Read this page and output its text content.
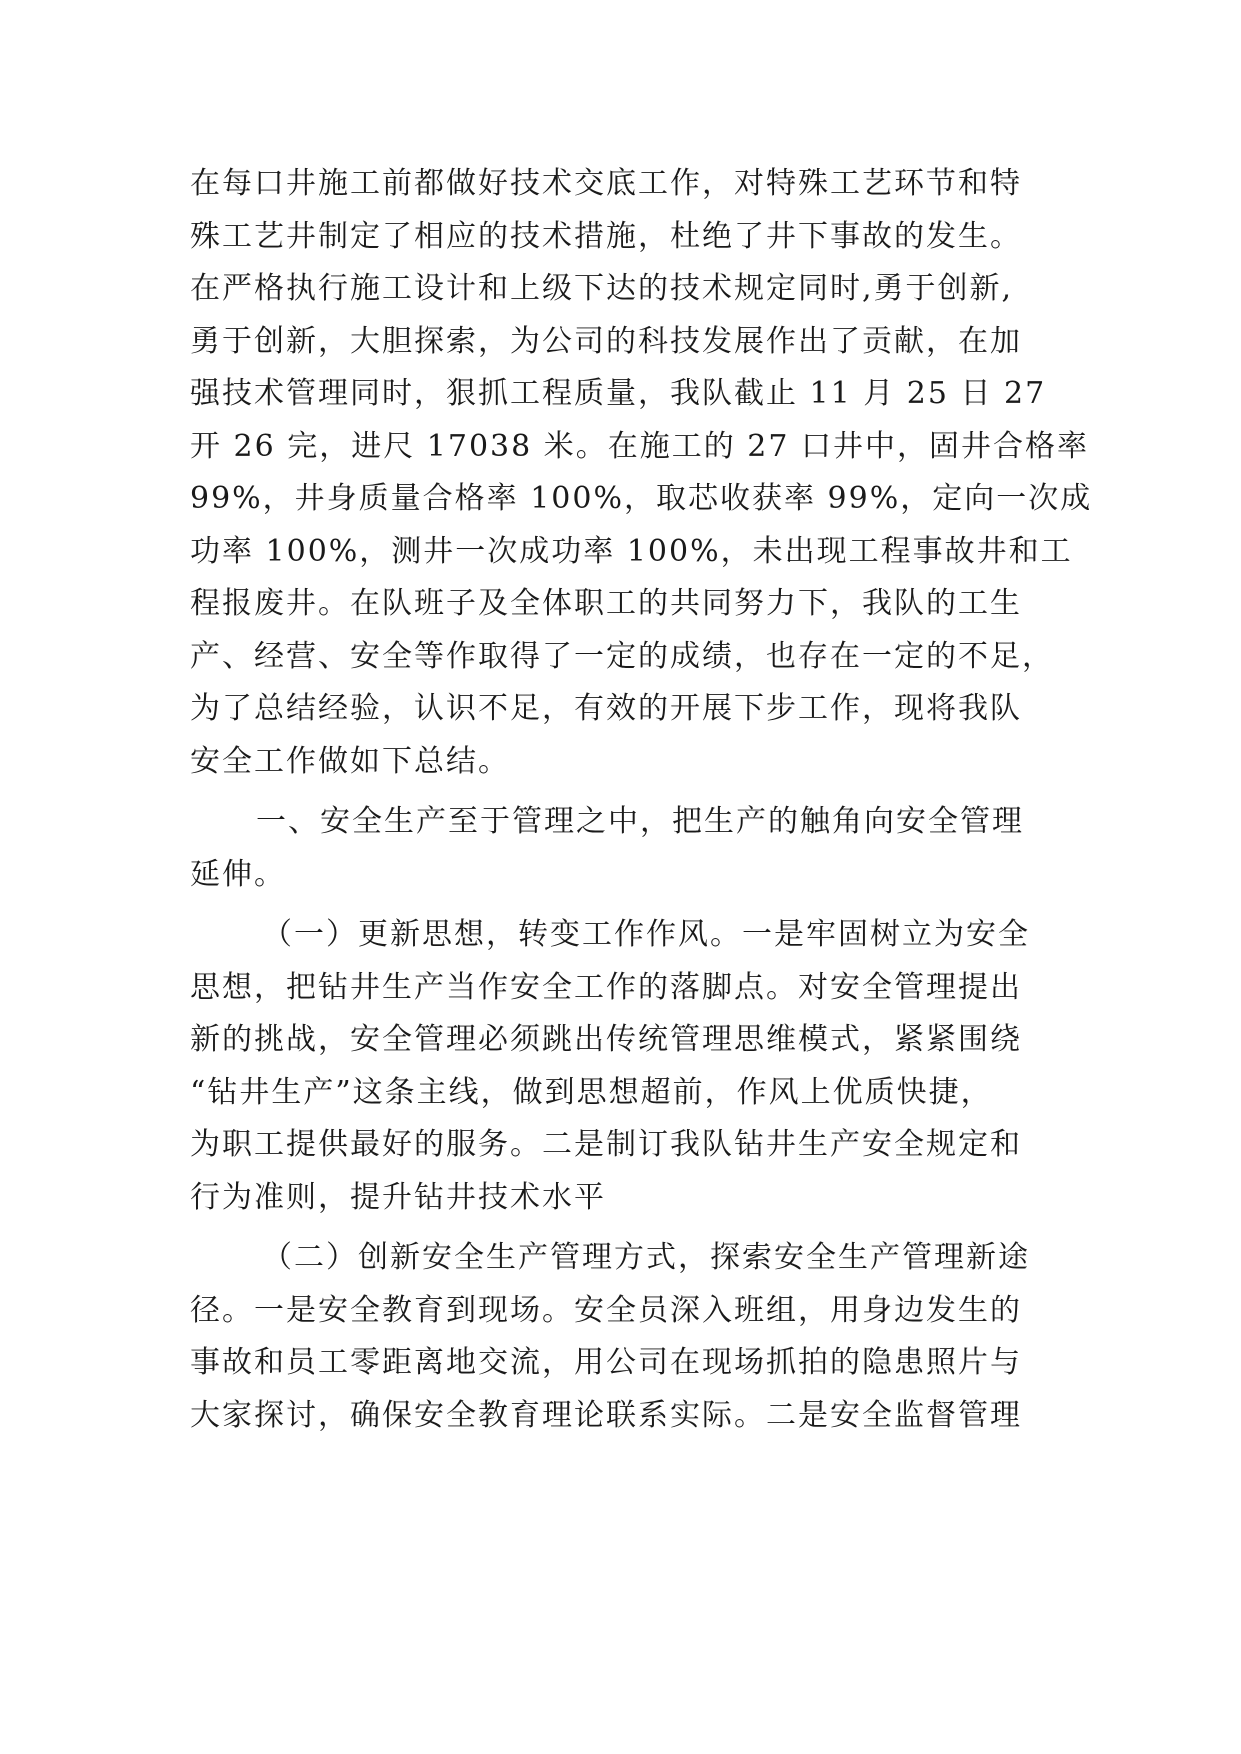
在每口井施工前都做好技术交底工作，对特殊工艺环节和特
殊工艺井制定了相应的技术措施，杜绝了井下事故的发生。
在严格执行施工设计和上级下达的技术规定同时,勇于创新,
勇于创新，大胆探索，为公司的科技发展作出了贡献，在加
强技术管理同时，狠抓工程质量，我队截止 11 月 25 日 27
开 26 完，进尺 17038 米。在施工的 27 口井中，固井合格率
99%，井身质量合格率 100%，取芯收获率 99%，定向一次成
功率 100%，测井一次成功率 100%，未出现工程事故井和工
程报废井。在队班子及全体职工的共同努力下，我队的工生
产、经营、安全等作取得了一定的成绩，也存在一定的不足，
为了总结经验，认识不足，有效的开展下步工作，现将我队
安全工作做如下总结。
一、安全生产至于管理之中，把生产的触角向安全管理
延伸。
（一）更新思想，转变工作作风。一是牢固树立为安全
思想，把钻井生产当作安全工作的落脚点。对安全管理提出
新的挑战，安全管理必须跳出传统管理思维模式，紧紧围绕
“钻井生产”这条主线，做到思想超前，作风上优质快捷，
为职工提供最好的服务。二是制订我队钻井生产安全规定和
行为准则，提升钻井技术水平
（二）创新安全生产管理方式，探索安全生产管理新途
径。一是安全教育到现场。安全员深入班组，用身边发生的
事故和员工零距离地交流，用公司在现场抓拍的隐患照片与
大家探讨，确保安全教育理论联系实际。二是安全监督管理
